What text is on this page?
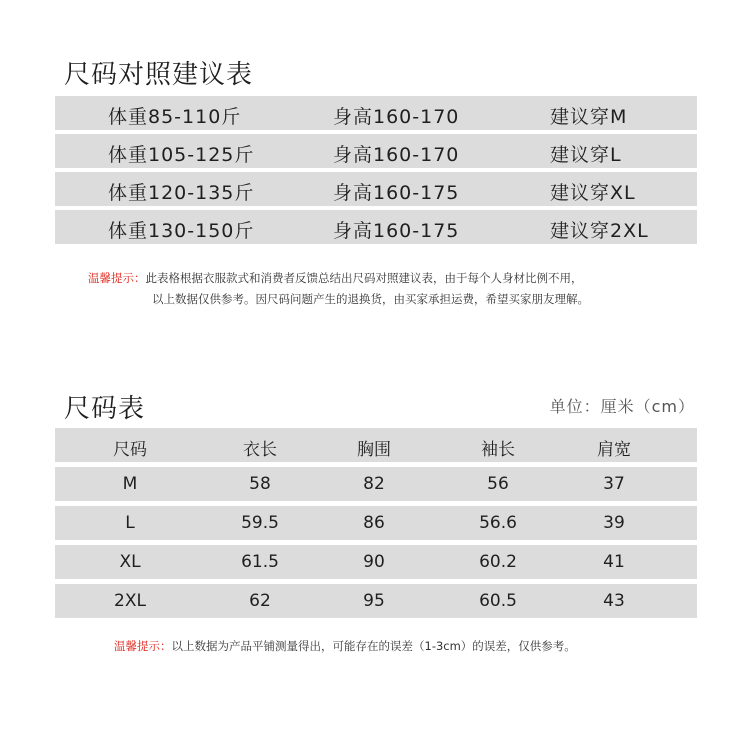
尺码对照建议表
体重85-110斤	身高160-170	建议穿M
体重105-125斤	身高160-170	建议穿L
体重120-135斤	身高160-175	建议穿XL
体重130-150斤	身高160-175	建议穿2XL
温馨提示：此表格根据衣服款式和消费者反馈总结出尺码对照建议表，由于每个人身材比例不用，
以上数据仅供参考。因尺码问题产生的退换货，由买家承担运费，希望买家朋友理解。
尺码表	单位：厘米（cm）
尺码	衣长	胸围	袖长	肩宽
M	58	82	56	37
L	59.5	86	56.6	39
XL	61.5	90	60.2	41
2XL	62	95	60.5	43
温馨提示：以上数据为产品平铺测量得出，可能存在的误差（1-3cm）的误差，仅供参考。
